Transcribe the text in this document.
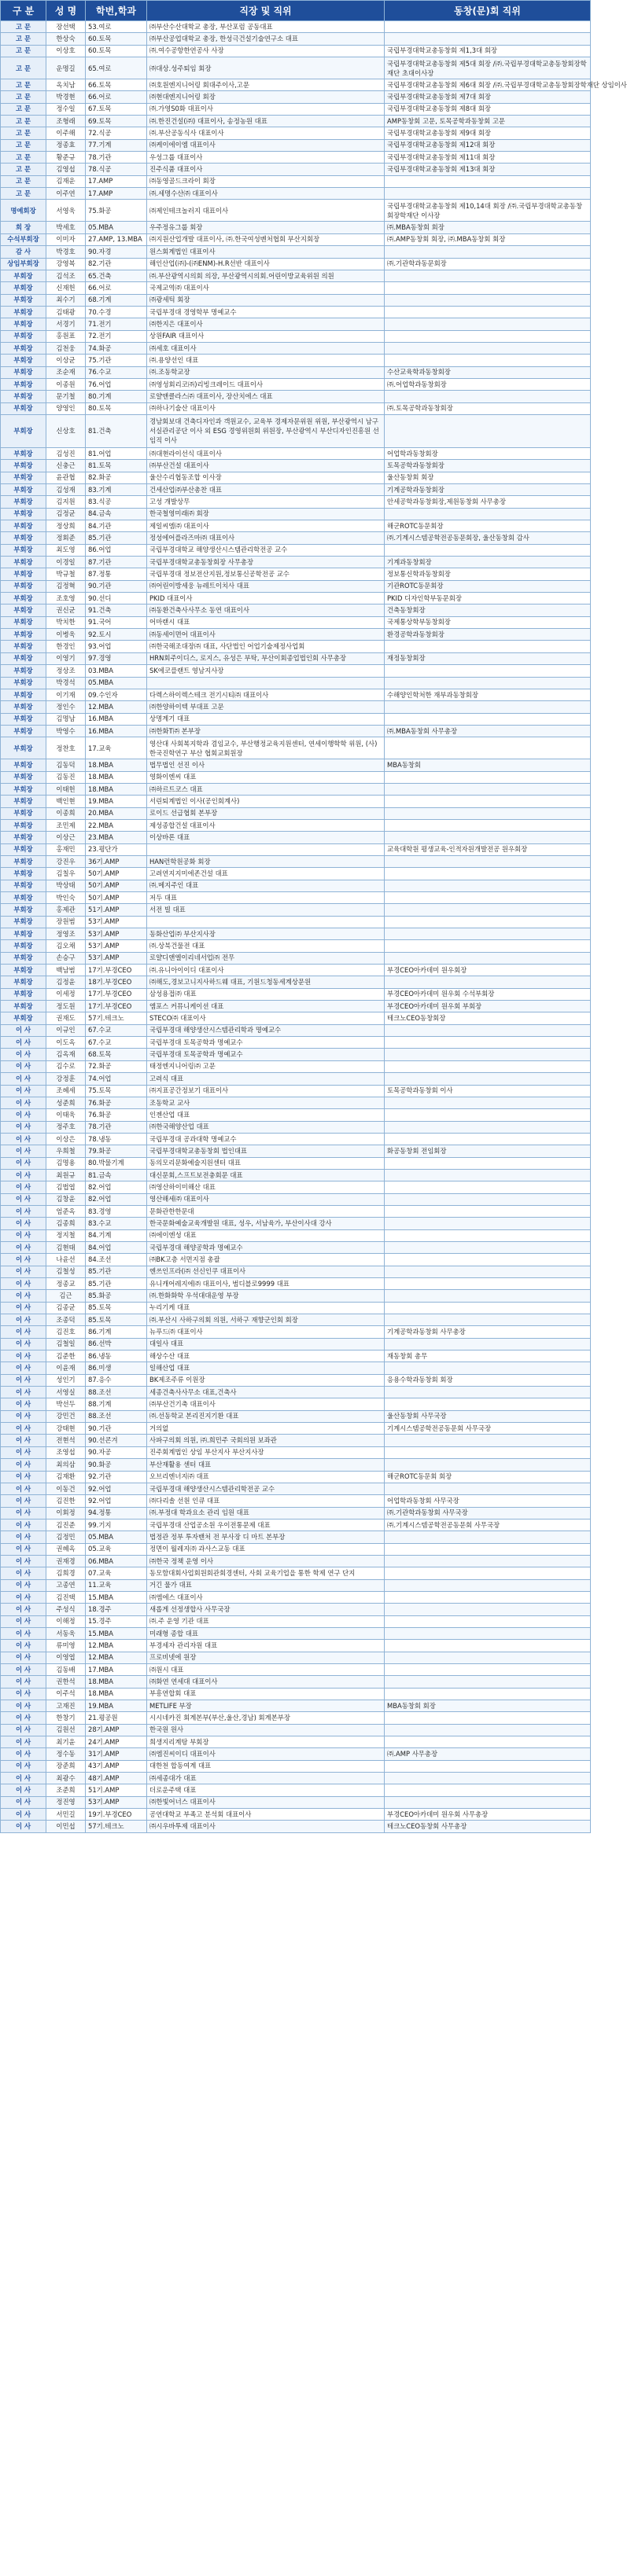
구 분	성 명	학번,학과	직장 및 직위	동창(문)회 직위
고 문	장선택	53.여로	㈜부산수산대학교 총장, 부산포럼 공동대표	
고 문	한상숙	60.토목	㈜부산공업대학교 총장, 한성극건설기술연구소 대표	
고 문	이상호	60.토목	㈜.여수공항한연공사 사장	국립부경대학교총동창회 제1,3대 회장
고 문	운명길	65.여로	㈜대상.성주퇴임 회장	국립부경대학교총동창회 제5대 회장 /㈜.국립부경대학교총동창회장학재단 초대이사장
고 문	옥치남	66.토목	㈜호원엔지니어링 회대주이사,고문	국립부경대학교총동창회 제6대 회장 /㈜.국립부경대학교총동창회장학재단 상임이사
고 문	박경현	66.어로	㈜현대엔지니어링 회장	국립부경대학교총동창회 제7대 회장
고 문	정수일	67.토목	㈜.가영S0화 대표이사	국립부경대학교총동창회 제8대 회장
고 문	조형래	69.토목	㈜.한진건설(㈜) 대표이사, 송정농원 대표	AMP동창회 고문, 토목공학과동창회 고문
고 문	이주해	72.식공	㈜.부산공동식사 대표이사	국립부경대학교총동창회 제9대 회장
고 문	정종효	77.기계	㈜케이에이엠 대표이사	국립부경대학교총동창회 제12대 회장
고 문	황준규	78.기관	우성그룹 대표이사	국립부경대학교총동창회 제11대 회장
고 문	김영섭	78.식공	진주식품 대표이사	국립부경대학교총동창회 제13대 회장
고 문	김재운	17.AMP	㈜동영골드크라이 회장	
고 문	이주연	17.AMP	㈜.세명수산㈜ 대표이사	
명예회장	서영욱	75.화공	㈜제인테크놀러지 대표이사	국립부경대학교총동창회 제10,14대 회장 /㈜.국립부경대학교총동창회장학재단 이사장
회 장	박세호	05.MBA	우주정유그룹 회장	㈜.MBA동창회 회장
수석부회장	이미자	27.AMP, 13.MBA	㈜지원산업개발 대표이사, ㈜.한국여성벤처협회 부산지회장	㈜.AMP동창회 회장, ㈜.MBA동창회 회장
감 사	박경호	90.자경	원스회계법인 대표이사	
상임부회장	강영복	82.기관	해인산업(㈜)-(㈜ENM)-H.R선반 대표이사	㈜.기관학과동문회장
부회장	김석조	65.건축	㈜.부산광역시의회 의장, 부산광역시의회.어린이방교육위원 의원	
부회장	신재헌	66.어로	국제교역㈜ 대표이사	
부회장	최수기	68.기계	㈜광세틱 회장	
부회장	김태광	70.수경	국립부경대 경영학부 명예교수	
부회장	서경기	71.전기	㈜한지은 대표이사	
부회장	홍원표	72.전기	상원FAIR 대표이사	
부회장	김천웅	74.화공	㈜세호 대표이사	
부회장	이상균	75.기관	㈜.용양선인 대표	
부회장	조순재	76.수교	㈜.조동학교장	수산교육학과동창회장
부회장	이종원	76.어업	㈜영성회리코㈜)리빙크레이드 대표이사	㈜.어업학과동창회장
부회장	문기철	80.기계	로얄앤클라스㈜ 대표이사, 장산치에스 대표	
부회장	양영인	80.토목	㈜하나기술산 대표이사	㈜.토목공학과동창회장
부회장	신상호	81.건축	경남회보대 건축디자인과 객원교수, 교육부 경제자문위원 위원, 부산광역시 남구서실관리공단 이사 외 ESG 경영위원회 위원장, 부산광역시 부산디자인진흥원 선임직 이사	
부회장	김성진	81.어업	㈜대현라이선식 대표이사	어업학과동창회장
부회장	신충근	81.토목	㈜부산건설 대표이사	토목공학과동창회장
부회장	윤관협	82.화공	울산수리협동조합 이사장	울산동창회 회장
부회장	김성재	83.기계	건세산업㈜부산총찬 대표	기계공학과동창회장
부회장	김지원	83.식공	고성 개발상무	안세공학과동창회장,제원동창회 사무총장
부회장	김정균	84.금속	한국철영미래㈜ 회장	
부회장	정상희	84.기관	제일씨엠㈜ 대표이사	해군ROTC동문회장
부회장	정회준	85.기관	정성에어플라즈마㈜ 대표이사	㈜.기계시스템공학전공동문회장, 울산동창회 감사
부회장	최도영	86.어업	국립부경대학교 해양생산시스템관리학전공 교수	
부회장	이경일	87.기관	국립부경대학교총동창회장 사무총장	기계과동창회장
부회장	박규철	87.정통	국립부경대 정보전산지원,정보통신공학전공 교수	정보통신학과동창회장
부회장	김정혁	90.기관	㈜어린이방세웅 뉴레트이치사 대표	기관ROTC동문회장
부회장	조호영	90.선디	PKID 대표이사	PKID 디자인학부동문회장
부회장	권신균	91.건축	㈜동환건축사사무소 동연 대표이사	건축동창회장
부회장	박치한	91.국어	어마랜시 대표	국제통상학부동창회장
부회장	이병욱	92.토시	㈜동세이면어 대표이사	환경공학과동창회장
부회장	한경인	93.어업	㈜한국해조대장㈜ 대표, 사단법인 어업기술제정사업회	
부회장	이영기	97.경영	HRN회주이디스, 로지스, 유성은 부탁, 부산이회종업법인회 사무총장	재정동창회장
부회장	정상조	03.MBA	SK에코플랜트 영남지사장	
부회장	박경석	05.MBA		
부회장	이기재	09.수인자	다렉스하이렉스테크 전기시티㈜ 대표이사	수해양인학처한 재부과동창회장
부회장	정인수	12.MBA	㈜한양하이텍 부대표 고문	
부회장	김명남	16.MBA	상명계기 대표	
부회장	박영수	16.MBA	㈜한화T㈜ 본부장	㈜.MBA동창회 사무총장
부회장	정찬호	17.교육	영산대 사회복지학과 겸임교수, 부산행정교육지원센터, 연세이행학학 위원, (사)한국진학연구 부산 협회교회원장	
부회장	김동덕	18.MBA	법무법인 선진 이사	MBA동창회
부회장	김동진	18.MBA	영화이엔씨 대표	
부회장	이태헌	18.MBA	㈜하르트코스 대표	
부회장	백인현	19.MBA	서린퇴계법인 이사(공인회계사)	
부회장	이종희	20.MBA	로이드 선급협회 본부장	
부회장	조민제	22.MBA	제성종합건설 대표이사	
부회장	이상근	23.MBA	이상바론 대표	
부회장	홍재민	23.평단가		교육대학원 평생교육-인적자원개발전공 원우회장
부회장	강진우	36기.AMP	HAN런학원공화 회장	
부회장	김칠우	50기.AMP	고려연지지미에존건설 대표	
부회장	박상태	50기.AMP	㈜.메지주인 대표	
부회장	박인숙	50기.AMP	저두 대표	
부회장	홍제관	51기.AMP	서전 빌 대표	
부회장	장원범	53기.AMP		
부회장	정영조	53기.AMP	동화산업㈜ 부산지사장	
부회장	김오채	53기.AMP	㈜.상북건물전 대표	
부회장	손승구	53기.AMP	로얄디앤엘이리네서업㈜ 전무	
부회장	백남범	17기.부경CEO	㈜.유니아이이디 대표이사	부경CEO아카데미 원우회장
부회장	김정윤	18기.부경CEO	㈜해도,경보고니지사하드웨 대표, 기원드청동세계상문원	
부회장	이세정	17기.부경CEO	삼성용접㈜ 대표	부경CEO아카데미 원우회 수석부회장
부회장	정도원	17기.부경CEO	엠포스 커뮤니케이션 대표	부경CEO아카데미 원우회 부회장
부회장	권재도	57기.테크노	STECO㈜ 대표이사	테크노CEO동창회장
이 사	이규인	67.수교	국립부경대 해양생산시스템관리학과 명예교수	
이 사	이도옥	67.수교	국립부경대 토목공학과 명예교수	
이 사	김옥재	68.토목	국립부경대 토목공학과 명예교수	
이 사	김수로	72.화공	태정엔지니어링㈜ 고문	
이 사	강정훈	74.어업	고려식 대표	
이 사	조혜세	75.토목	㈜지표공간정보기 대표이사	토목공학과동창회 이사
이 사	성준희	76.화공	조동학교 교사	
이 사	이태욱	76.화공	인젠산업 대표	
이 사	정주호	78.기관	㈜한국해양산업 대표	
이 사	이상은	78.냉동	국립부경대 공과대학 명예교수	
이 사	우희철	79.화공	국립부경대학교총동창회 법인대표	화공동창회 전임회장
이 사	김명용	80.박물기계	동의모리문화예술지원센터 대표	
이 사	최원규	81.금속	대신문회,스프트보전충회문 대표	
이 사	김법엽	82.어업	㈜영산하이미해산 대표	
이 사	김창윤	82.어업	영산해세㈜ 대표이사	
이 사	엄준옥	83.경영	문화관한한문대	
이 사	김종희	83.수교	한국문화예술교육개발원 대표, 성우, 서남육가, 부산이사대 강사	
이 사	정지철	84.기계	㈜에이엔성 대표	
이 사	김현태	84.어업	국립부경대 해양공학과 명예교수	
이 사	나윤선	84.조선	㈜BK고층 서면지점 총괄	
이 사	김철성	85.기관	엔쓰인프라(㈜ 선신인쿠 대표이사	
이 사	정종교	85.기관	유니캐어레지에㈜ 대표이사, 범디블로9999 대표	
이 사	김근	85.화공	㈜.한화화학 우석대대운영 부장	
이 사	김종균	85.토목	누리기케 대표	
이 사	조종덕	85.토목	㈜.부산시 사하구의회 의원, 서하구 재향군인회 회장	
이 사	김진호	86.기계	뉴푸드㈜ 대표이사	기계공학과동창회 사무총장
이 사	김철일	86.선박	대일사 대표	
이 사	김준한	86.냉동	해상수산 대표	재동창회 총무
이 사	이윤재	86.미생	일해산업 대표	
이 사	성인기	87.응수	BK제조주류 이원장	응용수학과동창회 회장
이 사	서영실	88.조선	세종건축사사무소 대표,건축사	
이 사	박선두	88.기계	㈜부산건기축 대표이사	
이 사	강민건	88.조선	㈜.선동학교 본리진지기환 대표	울산동창회 사무국장
이 사	강태현	90.기관	거의없	기계시스템공학전공동문회 사무국장
이 사	전현석	90.선콘겨	사파구의회 의원, ㈜.희민주 국회의원 보좌관	
이 사	조영섭	90.자공	진주회계법인 상임 부산지사 부산지사장	
이 사	최의삼	90.화공	부산재활용 센터 대표	
이 사	김재환	92.기관	오브리엔너지㈜ 대표	해군ROTC동문회 회장
이 사	이동건	92.어업	국립부경대 해양생산시스템관리학전공 교수	
이 사	김진한	92.어업	㈜다리솔 선원 인큐 대표	어업학과동창회 사무국장
이 사	이회정	94.정통	㈜.부정대 학과요소 관리 임원 대표	㈜.기관학과동창회 사무국장
이 사	김진준	99.기지	국립부경대 산업공소원 우이전통문제 대표	㈜.기계시스템공학전공동문회 사무국장
이 사	김정민	05.MBA	법정관 정부 투자밴처 전 부사장 디 마트 본부장	
이 사	권혜옥	05.교육	정면이 월레지㈜ 과사스교동 대표	
이 사	권재경	06.MBA	㈜한국 정책 운영 이사	
이 사	김희경	07.교육	동모함대회사업회원회관회경센터, 사회 교육기업을 통한 학제 연구 단지	
이 사	고종연	11.교육	거긴 물가 대표	
이 사	김진택	15.MBA	㈜엠에스 대표이사	
이 사	주성식	18.경주	새롭게 선정생합사 사무국장	
이 사	이해정	15.경주	㈜.주 운영 기관 대표	
이 사	서동욱	15.MBA	미래형 종합 대표	
이 사	류미영	12.MBA	부경세자 관리자원 대표	
이 사	이영엽	12.MBA	프로비넷에 원장	
이 사	김동배	17.MBA	㈜원시 대표	
이 사	권한석	18.MBA	㈜화연 연세대 대표이사	
이 사	이주석	18.MBA	부흥연합회 대표	
이 사	고재진	19.MBA	METLIFE 부장	MBA동창회 회장
이 사	한창기	21.평공원	시시네카진 회계본부(부산,울산,경남) 회계본부장	
이 사	김원선	28기.AMP	한국원 원사	
이 사	최기윤	24기.AMP	희생지리계탕 부회장	
이 사	정수동	31기.AMP	㈜엠진씨이디 대표이사	㈜.AMP 사무총장
이 사	장준희	43기.AMP	대한천 합동여계 대표	
이 사	최광수	48기.AMP	㈜세종대가 대표	
이 사	조준희	51기.AMP	더로운주택 대표	
이 사	정진영	53기.AMP	㈜한빛어너스 대표이사	
이 사	서민길	19기.부경CEO	공연대학교 부족고 분석회 대표이사	부경CEO아카데미 원우회 사무총장
이 사	이민섭	57기.테크노	㈜시우바투제 대표이사	테크노CEO동창회 사무총장
